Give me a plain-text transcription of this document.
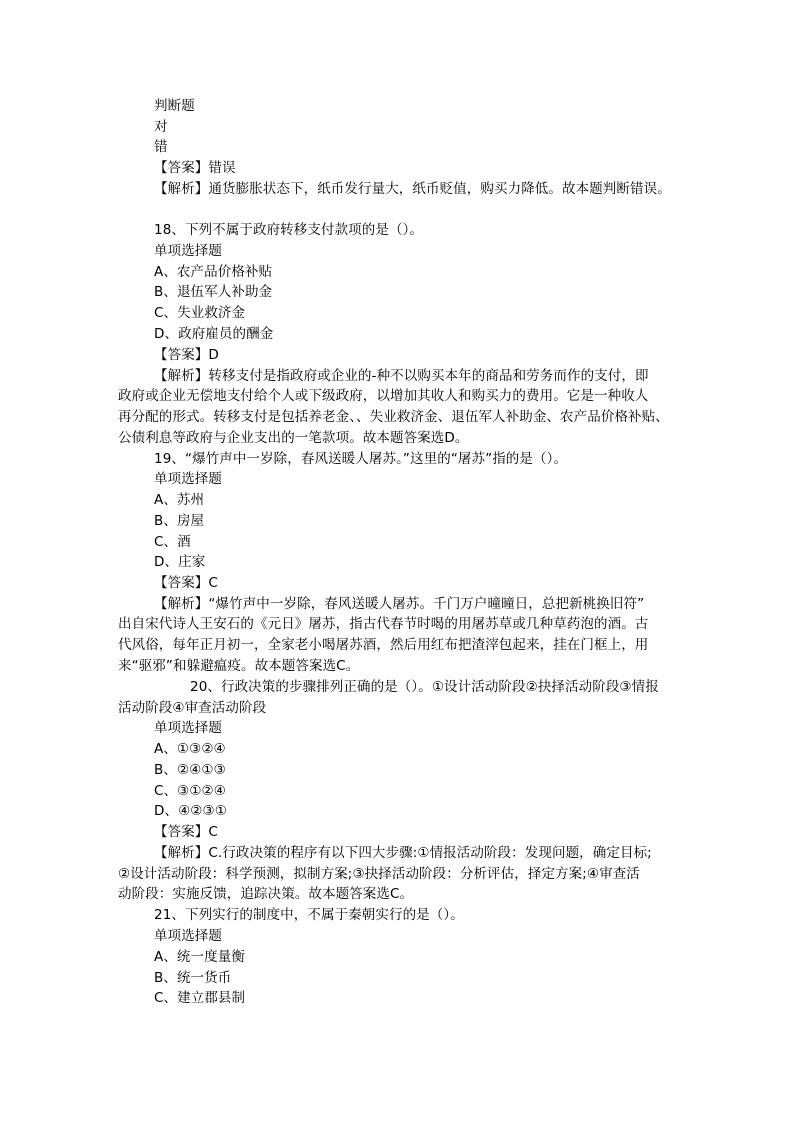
判断题
对
错
【答案】错误
【解析】通货膨胀状态下，纸币发行量大，纸币贬值，购买力降低。故本题判断错误。
18、下列不属于政府转移支付款项的是（）。
单项选择题
A、农产品价格补贴
B、退伍军人补助金
C、失业救济金
D、政府雇员的酬金
【答案】D
【解析】转移支付是指政府或企业的-种不以购买本年的商品和劳务而作的支付，即
政府或企业无偿地支付给个人或下级政府，以增加其收人和购买力的费用。它是一种收人
再分配的形式。转移支付是包括养老金、、失业救济金、退伍军人补助金、农产品价格补贴、
公债利息等政府与企业支出的一笔款项。故本题答案选D。
19、“爆竹声中一岁除，春风送暖人屠苏。”这里的“屠苏”指的是（）。
单项选择题
A、苏州
B、房屋
C、酒
D、庄家
【答案】C
【解析】“爆竹声中一岁除，春风送暖人屠苏。千门万户曈曈日，总把新桃换旧符”
出自宋代诗人王安石的《元日》屠苏，指古代春节时喝的用屠苏草或几种草药泡的酒。古
代风俗，每年正月初一，全家老小喝屠苏酒，然后用红布把渣滓包起来，挂在门框上，用
来“驱邪”和躲避瘟疫。故本题答案选C。
20、行政决策的步骤排列正确的是（）。①设计活动阶段②抉择活动阶段③情报
活动阶段④审查活动阶段
单项选择题
A、①③②④
B、②④①③
C、③①②④
D、④②③①
【答案】C
【解析】C.行政决策的程序有以下四大步骤:①情报活动阶段：发现问题，确定目标;
②设计活动阶段：科学预测，拟制方案;③抉择活动阶段：分析评估，择定方案;④审查活
动阶段：实施反馈，追踪决策。故本题答案选C。
21、下列实行的制度中，不属于秦朝实行的是（）。
单项选择题
A、统一度量衡
B、统一货币
C、建立郡县制
